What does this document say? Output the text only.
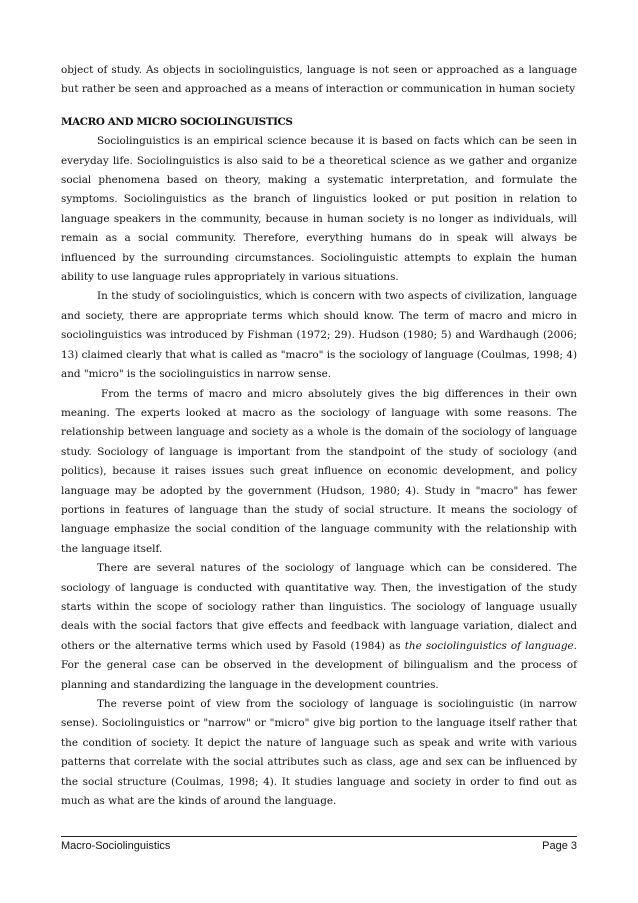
object of study. As objects in sociolinguistics, language is not seen or approached as a language but rather be seen and approached as a means of interaction or communication in human society

MACRO AND MICRO SOCIOLINGUISTICS

Sociolinguistics is an empirical science because it is based on facts which can be seen in everyday life. Sociolinguistics is also said to be a theoretical science as we gather and organize social phenomena based on theory, making a systematic interpretation, and formulate the symptoms. Sociolinguistics as the branch of linguistics looked or put position in relation to language speakers in the community, because in human society is no longer as individuals, will remain as a social community. Therefore, everything humans do in speak will always be influenced by the surrounding circumstances. Sociolinguistic attempts to explain the human ability to use language rules appropriately in various situations.

In the study of sociolinguistics, which is concern with two aspects of civilization, language and society, there are appropriate terms which should know. The term of macro and micro in sociolinguistics was introduced by Fishman (1972; 29). Hudson (1980; 5) and Wardhaugh (2006; 13) claimed clearly that what is called as "macro" is the sociology of language (Coulmas, 1998; 4) and "micro" is the sociolinguistics in narrow sense.

From the terms of macro and micro absolutely gives the big differences in their own meaning. The experts looked at macro as the sociology of language with some reasons. The relationship between language and society as a whole is the domain of the sociology of language study. Sociology of language is important from the standpoint of the study of sociology (and politics), because it raises issues such great influence on economic development, and policy language may be adopted by the government (Hudson, 1980; 4). Study in "macro" has fewer portions in features of language than the study of social structure. It means the sociology of language emphasize the social condition of the language community with the relationship with the language itself.

There are several natures of the sociology of language which can be considered. The sociology of language is conducted with quantitative way. Then, the investigation of the study starts within the scope of sociology rather than linguistics. The sociology of language usually deals with the social factors that give effects and feedback with language variation, dialect and others or the alternative terms which used by Fasold (1984) as the sociolinguistics of language. For the general case can be observed in the development of bilingualism and the process of planning and standardizing the language in the development countries.

The reverse point of view from the sociology of language is sociolinguistic (in narrow sense). Sociolinguistics or "narrow" or "micro" give big portion to the language itself rather that the condition of society. It depict the nature of language such as speak and write with various patterns that correlate with the social attributes such as class, age and sex can be influenced by the social structure (Coulmas, 1998; 4). It studies language and society in order to find out as much as what are the kinds of around the language.

Macro-Sociolinguistics	Page 3
